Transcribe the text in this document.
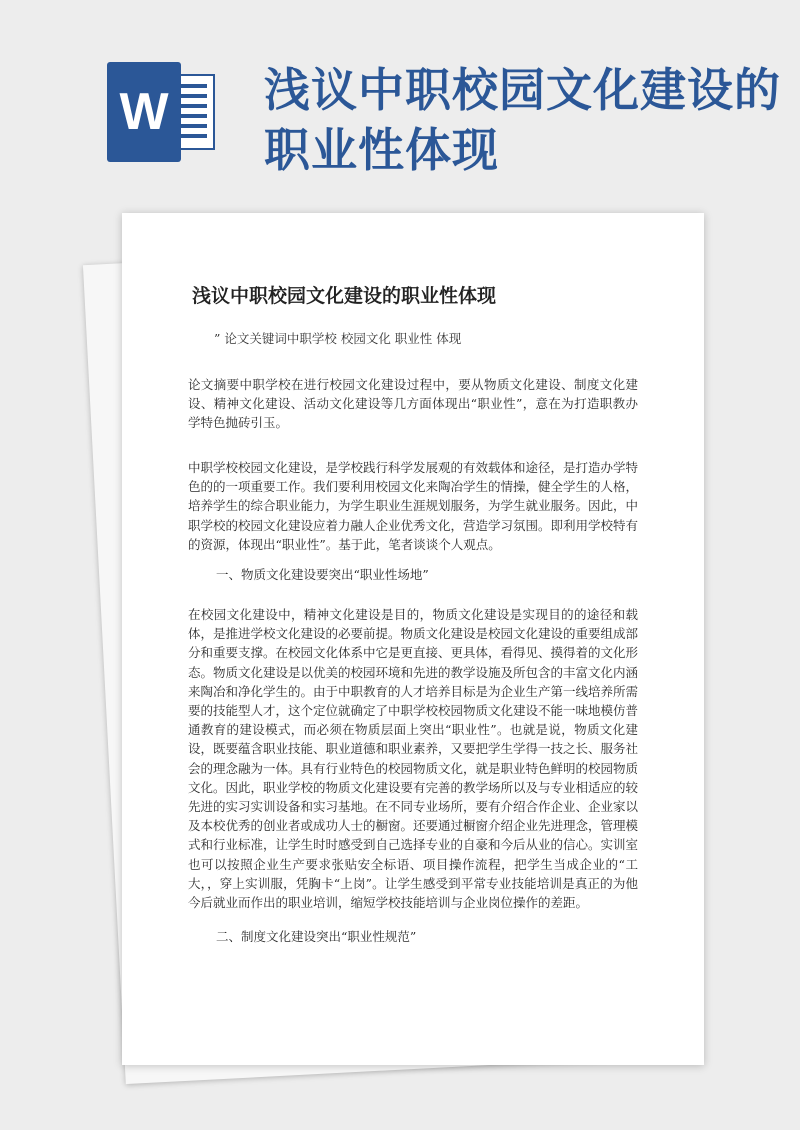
W 浅议中职校园文化建设的职业性体现
浅议中职校园文化建设的职业性体现
” 论文关键词中职学校 校园文化 职业性 体现
论文摘要中职学校在进行校园文化建设过程中，要从物质文化建设、制度文化建设、精神文化建设、活动文化建设等几方面体现出“职业性”，意在为打造职教办学特色抛砖引玉。
中职学校校园文化建设，是学校践行科学发展观的有效载体和途径，是打造办学特色的的一项重要工作。我们要利用校园文化来陶冶学生的情操，健全学生的人格，培养学生的综合职业能力，为学生职业生涯规划服务，为学生就业服务。因此，中职学校的校园文化建设应着力融人企业优秀文化，营造学习氛围。即利用学校特有的资源，体现出“职业性”。基于此，笔者谈谈个人观点。
一、物质文化建设要突出“职业性场地”
在校园文化建设中，精神文化建设是目的，物质文化建设是实现目的的途径和载体，是推进学校文化建设的必要前提。物质文化建设是校园文化建设的重要组成部分和重要支撑。在校园文化体系中它是更直接、更具体，看得见、摸得着的文化形态。物质文化建设是以优美的校园环境和先进的教学设施及所包含的丰富文化内涵来陶冶和净化学生的。由于中职教育的人才培养目标是为企业生产第一线培养所需要的技能型人才，这个定位就确定了中职学校校园物质文化建设不能一味地模仿普通教育的建设模式，而必须在物质层面上突出“职业性”。也就是说，物质文化建设，既要蕴含职业技能、职业道德和职业素养，又要把学生学得一技之长、服务社会的理念融为一体。具有行业特色的校园物质文化，就是职业特色鲜明的校园物质文化。因此，职业学校的物质文化建设要有完善的教学场所以及与专业相适应的较先进的实习实训设备和实习基地。在不同专业场所，要有介绍合作企业、企业家以及本校优秀的创业者或成功人士的橱窗。还要通过橱窗介绍企业先进理念，管理模式和行业标准，让学生时时感受到自己选择专业的自豪和今后从业的信心。实训室也可以按照企业生产要求张贴安全标语、项目操作流程，把学生当成企业的“工大，，穿上实训服，凭胸卡“上岗”。让学生感受到平常专业技能培训是真正的为他今后就业而作出的职业培训，缩短学校技能培训与企业岗位操作的差距。
二、制度文化建设突出“职业性规范”
